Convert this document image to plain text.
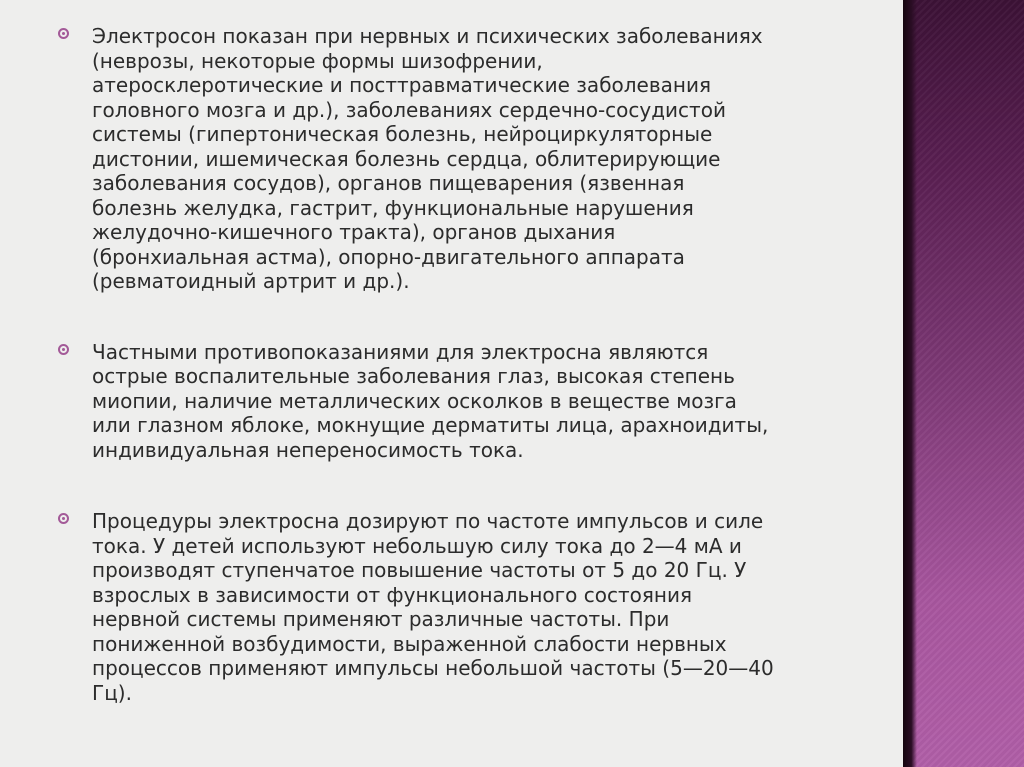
Электросон показан при нервных и психических заболеваниях
(неврозы, некоторые формы шизофрении,
атеросклеротические и посттравматические заболевания
головного мозга и др.), заболеваниях сердечно-сосудистой
системы (гипертоническая болезнь, нейроциркуляторные
дистонии, ишемическая болезнь сердца, облитерирующие
заболевания сосудов), органов пищеварения (язвенная
болезнь желудка, гастрит, функциональные нарушения
желудочно-кишечного тракта), органов дыхания
(бронхиальная астма), опорно-двигательного аппарата
(ревматоидный артрит и др.).

Частными противопоказаниями для электросна являются
острые воспалительные заболевания глаз, высокая степень
миопии, наличие металлических осколков в веществе мозга
или глазном яблоке, мокнущие дерматиты лица, арахноидиты,
индивидуальная непереносимость тока.

Процедуры электросна дозируют по частоте импульсов и силе
тока. У детей используют небольшую силу тока до 2—4 мА и
производят ступенчатое повышение частоты от 5 до 20 Гц. У
взрослых в зависимости от функционального состояния
нервной системы применяют различные частоты. При
пониженной возбудимости, выраженной слабости нервных
процессов применяют импульсы небольшой частоты (5—20—40
Гц).
